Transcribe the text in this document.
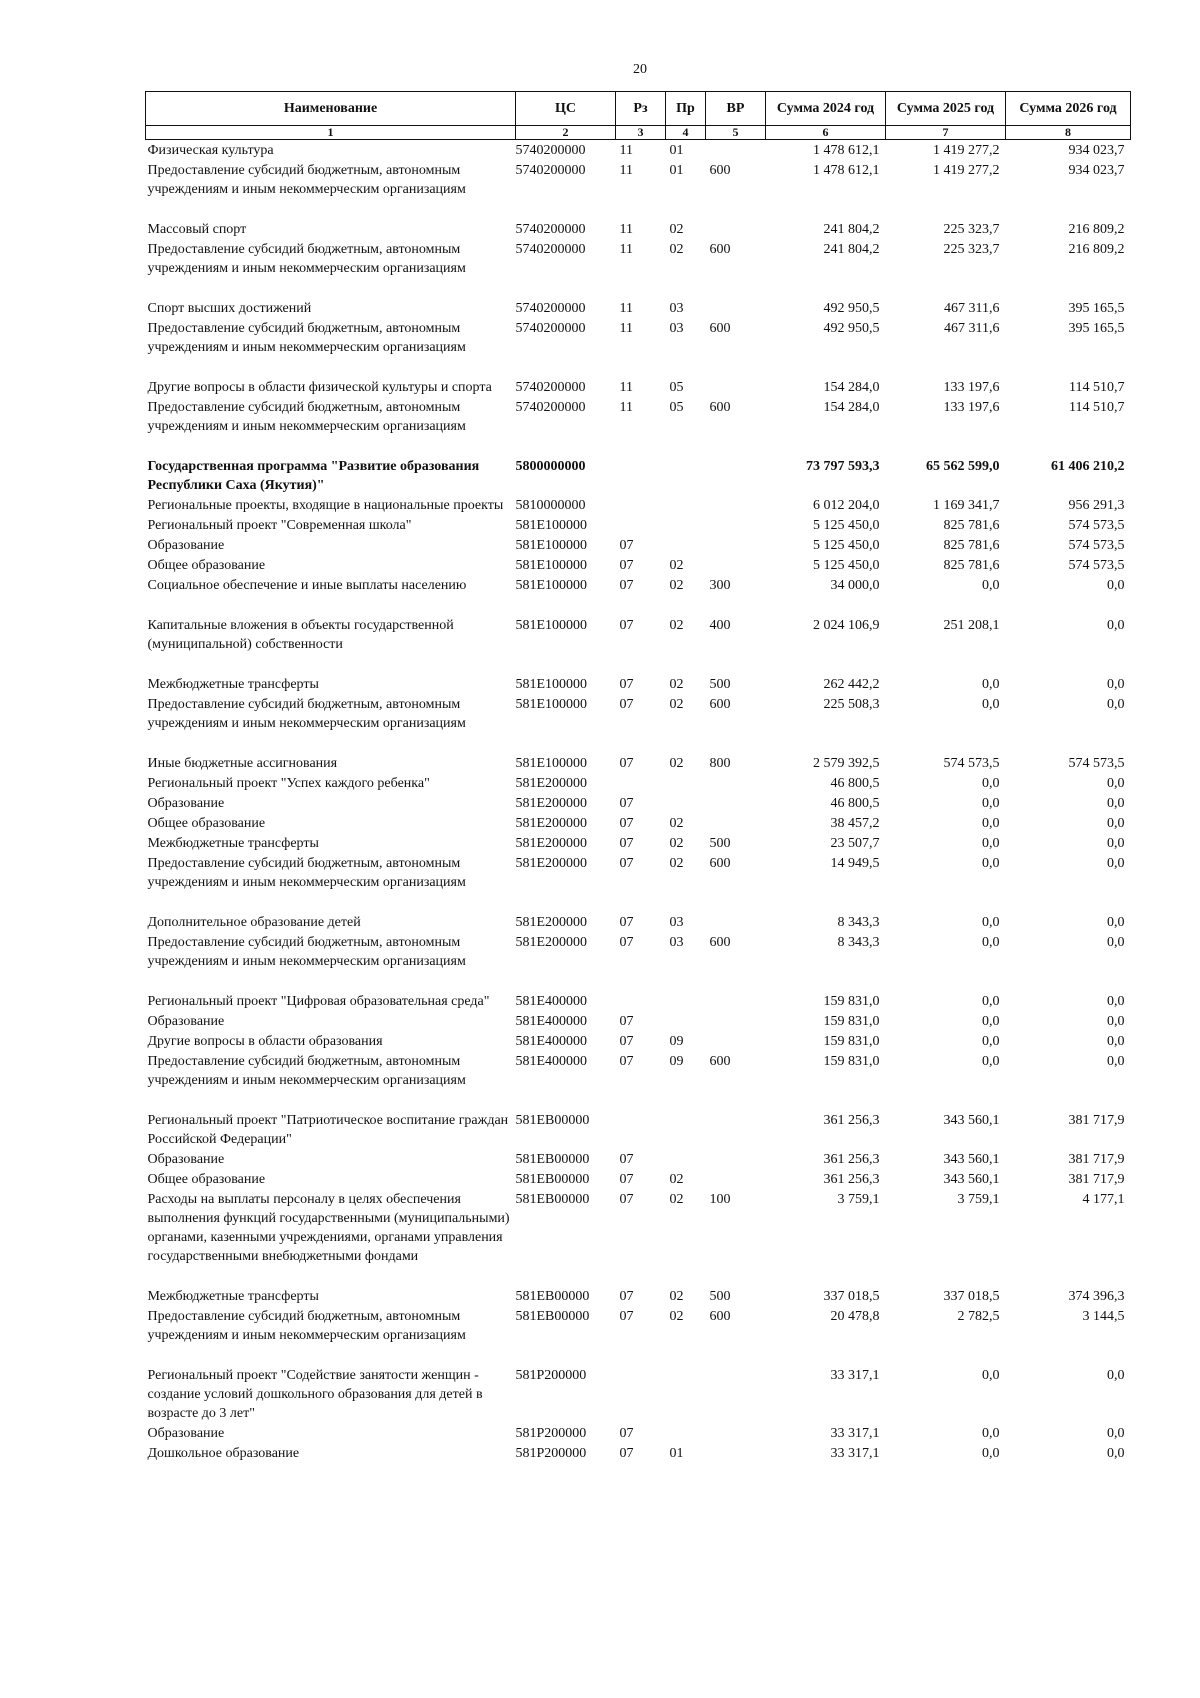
20
Наименование	ЦС	Рз	Пр	ВР	Сумма 2024 год	Сумма 2025 год	Сумма 2026 год
1	2	3	4	5	6	7	8
Физическая культура	5740200000	11	01		1 478 612,1	1 419 277,2	934 023,7
Предоставление субсидий бюджетным, автономным учреждениям и иным некоммерческим организациям	5740200000	11	01	600	1 478 612,1	1 419 277,2	934 023,7
Массовый спорт	5740200000	11	02		241 804,2	225 323,7	216 809,2
Предоставление субсидий бюджетным, автономным учреждениям и иным некоммерческим организациям	5740200000	11	02	600	241 804,2	225 323,7	216 809,2
Спорт высших достижений	5740200000	11	03		492 950,5	467 311,6	395 165,5
Предоставление субсидий бюджетным, автономным учреждениям и иным некоммерческим организациям	5740200000	11	03	600	492 950,5	467 311,6	395 165,5
Другие вопросы в области физической культуры и спорта	5740200000	11	05		154 284,0	133 197,6	114 510,7
Предоставление субсидий бюджетным, автономным учреждениям и иным некоммерческим организациям	5740200000	11	05	600	154 284,0	133 197,6	114 510,7
Государственная программа "Развитие образования Республики Саха (Якутия)"	5800000000				73 797 593,3	65 562 599,0	61 406 210,2
Региональные проекты, входящие в национальные проекты	5810000000				6 012 204,0	1 169 341,7	956 291,3
Региональный проект "Современная школа"	581E100000				5 125 450,0	825 781,6	574 573,5
Образование	581E100000	07			5 125 450,0	825 781,6	574 573,5
Общее образование	581E100000	07	02		5 125 450,0	825 781,6	574 573,5
Социальное обеспечение и иные выплаты населению	581E100000	07	02	300	34 000,0	0,0	0,0
Капитальные вложения в объекты государственной (муниципальной) собственности	581E100000	07	02	400	2 024 106,9	251 208,1	0,0
Межбюджетные трансферты	581E100000	07	02	500	262 442,2	0,0	0,0
Предоставление субсидий бюджетным, автономным учреждениям и иным некоммерческим организациям	581E100000	07	02	600	225 508,3	0,0	0,0
Иные бюджетные ассигнования	581E100000	07	02	800	2 579 392,5	574 573,5	574 573,5
Региональный проект "Успех каждого ребенка"	581E200000				46 800,5	0,0	0,0
Образование	581E200000	07			46 800,5	0,0	0,0
Общее образование	581E200000	07	02		38 457,2	0,0	0,0
Межбюджетные трансферты	581E200000	07	02	500	23 507,7	0,0	0,0
Предоставление субсидий бюджетным, автономным учреждениям и иным некоммерческим организациям	581E200000	07	02	600	14 949,5	0,0	0,0
Дополнительное образование детей	581E200000	07	03		8 343,3	0,0	0,0
Предоставление субсидий бюджетным, автономным учреждениям и иным некоммерческим организациям	581E200000	07	03	600	8 343,3	0,0	0,0
Региональный проект "Цифровая образовательная среда"	581E400000				159 831,0	0,0	0,0
Образование	581E400000	07			159 831,0	0,0	0,0
Другие вопросы в области образования	581E400000	07	09		159 831,0	0,0	0,0
Предоставление субсидий бюджетным, автономным учреждениям и иным некоммерческим организациям	581E400000	07	09	600	159 831,0	0,0	0,0
Региональный проект "Патриотическое воспитание граждан Российской Федерации"	581EB00000				361 256,3	343 560,1	381 717,9
Образование	581EB00000	07			361 256,3	343 560,1	381 717,9
Общее образование	581EB00000	07	02		361 256,3	343 560,1	381 717,9
Расходы на выплаты персоналу в целях обеспечения выполнения функций государственными (муниципальными) органами, казенными учреждениями, органами управления государственными внебюджетными фондами	581EB00000	07	02	100	3 759,1	3 759,1	4 177,1
Межбюджетные трансферты	581EB00000	07	02	500	337 018,5	337 018,5	374 396,3
Предоставление субсидий бюджетным, автономным учреждениям и иным некоммерческим организациям	581EB00000	07	02	600	20 478,8	2 782,5	3 144,5
Региональный проект "Содействие занятости женщин - создание условий дошкольного образования для детей в возрасте до 3 лет"	581P200000				33 317,1	0,0	0,0
Образование	581P200000	07			33 317,1	0,0	0,0
Дошкольное образование	581P200000	07	01		33 317,1	0,0	0,0
